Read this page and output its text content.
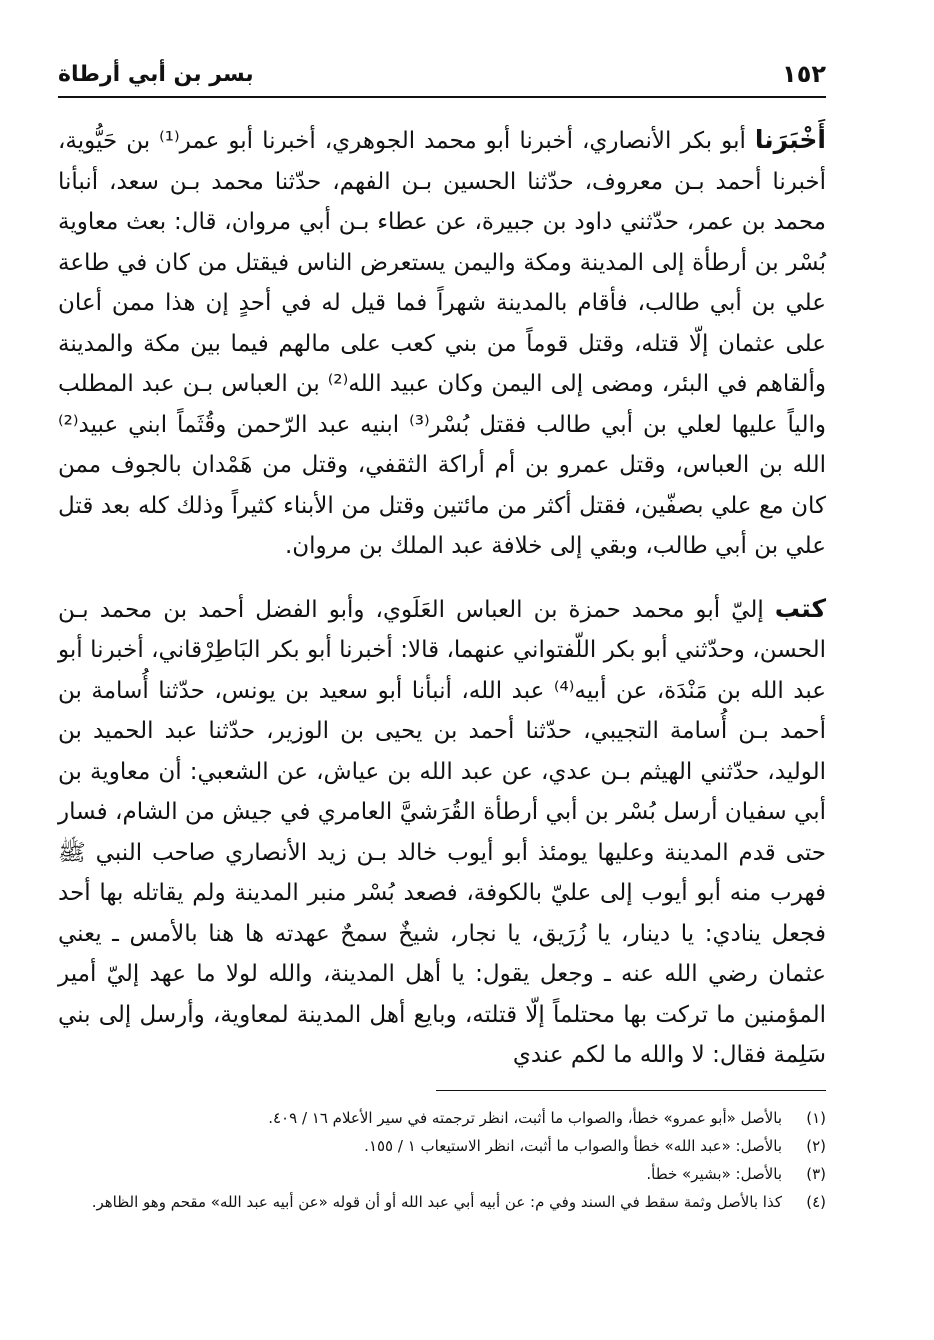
١٥٢
بسر بن أبي أرطاة

أَخْبَرَنا أبو بكر الأنصاري، أخبرنا أبو محمد الجوهري، أخبرنا أبو عمر⁽¹⁾ بن حَيُّوية، أخبرنا أحمد بـن معروف، حدّثنا الحسين بـن الفهم، حدّثنا محمد بـن سعد، أنبأنا محمد بن عمر، حدّثني داود بن جبيرة، عن عطاء بـن أبي مروان، قال: بعث معاوية بُسْر بن أرطأة إلى المدينة ومكة واليمن يستعرض الناس فيقتل من كان في طاعة علي بن أبي طالب، فأقام بالمدينة شهراً فما قيل له في أحدٍ إن هذا ممن أعان على عثمان إلّا قتله، وقتل قوماً من بني كعب على مالهم فيما بين مكة والمدينة وألقاهم في البئر، ومضى إلى اليمن وكان عبيد الله⁽²⁾ بن العباس بـن عبد المطلب والياً عليها لعلي بن أبي طالب فقتل بُسْر⁽³⁾ ابنيه عبد الرّحمن وقُثَماً ابني عبيد⁽²⁾ الله بن العباس، وقتل عمرو بن أم أراكة الثقفي، وقتل من هَمْدان بالجوف ممن كان مع علي بصفّين، فقتل أكثر من مائتين وقتل من الأبناء كثيراً وذلك كله بعد قتل علي بن أبي طالب، وبقي إلى خلافة عبد الملك بن مروان.

كتب إليّ أبو محمد حمزة بن العباس العَلَوي، وأبو الفضل أحمد بن محمد بـن الحسن، وحدّثني أبو بكر اللّفتواني عنهما، قالا: أخبرنا أبو بكر البَاطِرْقاني، أخبرنا أبو عبد الله بن مَنْدَة، عن أبيه⁽⁴⁾ عبد الله، أنبأنا أبو سعيد بن يونس، حدّثنا أُسامة بن أحمد بـن أُسامة التجيبي، حدّثنا أحمد بن يحيى بن الوزير، حدّثنا عبد الحميد بن الوليد، حدّثني الهيثم بـن عدي، عن عبد الله بن عياش، عن الشعبي: أن معاوية بن أبي سفيان أرسل بُسْر بن أبي أرطأة القُرَشيَّ العامري في جيش من الشام، فسار حتى قدم المدينة وعليها يومئذ أبو أيوب خالد بـن زيد الأنصاري صاحب النبي ﷺ فهرب منه أبو أيوب إلى عليّ بالكوفة، فصعد بُسْر منبر المدينة ولم يقاتله بها أحد فجعل ينادي: يا دينار، يا زُرَيق، يا نجار، شيخٌ سمحٌ عهدته ها هنا بالأمس ـ يعني عثمان رضي الله عنه ـ وجعل يقول: يا أهل المدينة، والله لولا ما عهد إليّ أمير المؤمنين ما تركت بها محتلماً إلّا قتلته، وبايع أهل المدينة لمعاوية، وأرسل إلى بني سَلِمة فقال: لا والله ما لكم عندي

(١)
بالأصل «أبو عمرو» خطأ، والصواب ما أثبت، انظر ترجمته في سير الأعلام ١٦ / ٤٠٩.
(٢)
بالأصل: «عبد الله» خطأ والصواب ما أثبت، انظر الاستيعاب ١ / ١٥٥.
(٣)
بالأصل: «بشير» خطأ.
(٤)
كذا بالأصل وثمة سقط في السند وفي م: عن أبيه أبي عبد الله أو أن قوله «عن أبيه عبد الله» مقحم وهو الظاهر.
